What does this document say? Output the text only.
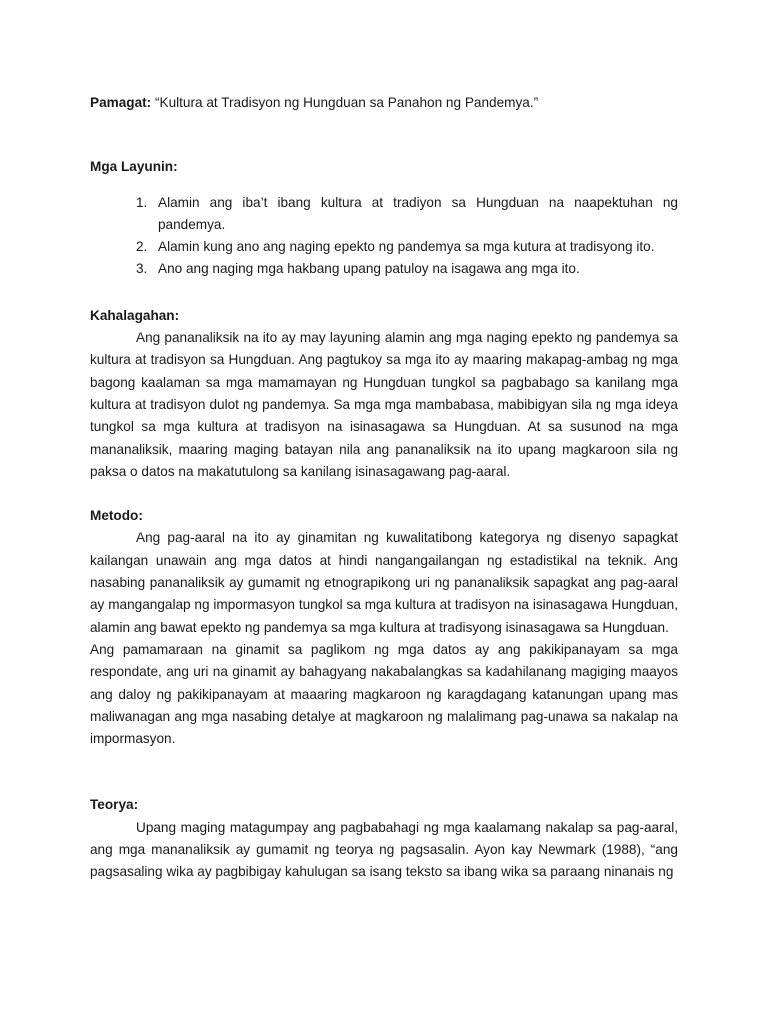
Pamagat: “Kultura at Tradisyon ng Hungduan sa Panahon ng Pandemya.”

Mga Layunin:

1. Alamin ang iba’t ibang kultura at tradiyon sa Hungduan na naapektuhan ng pandemya.
2. Alamin kung ano ang naging epekto ng pandemya sa mga kutura at tradisyong ito.
3. Ano ang naging mga hakbang upang patuloy na isagawa ang mga ito.

Kahalagahan:

Ang pananaliksik na ito ay may layuning alamin ang mga naging epekto ng pandemya sa kultura at tradisyon sa Hungduan. Ang pagtukoy sa mga ito ay maaring makapag-ambag ng mga bagong kaalaman sa mga mamamayan ng Hungduan tungkol sa pagbabago sa kanilang mga kultura at tradisyon dulot ng pandemya. Sa mga mga mambabasa, mabibigyan sila ng mga ideya tungkol sa mga kultura at tradisyon na isinasagawa sa Hungduan. At sa susunod na mga mananaliksik, maaring maging batayan nila ang pananaliksik na ito upang magkaroon sila ng paksa o datos na makatutulong sa kanilang isinasagawang pag-aaral.

Metodo:

Ang pag-aaral na ito ay ginamitan ng kuwalitatibong kategorya ng disenyo sapagkat kailangan unawain ang mga datos at hindi nangangailangan ng estadistikal na teknik. Ang nasabing pananaliksik ay gumamit ng etnograpikong uri ng pananaliksik sapagkat ang pag-aaral ay mangangalap ng impormasyon tungkol sa mga kultura at tradisyon na isinasagawa Hungduan, alamin ang bawat epekto ng pandemya sa mga kultura at tradisyong isinasagawa sa Hungduan.

Ang pamamaraan na ginamit sa paglikom ng mga datos ay ang pakikipanayam sa mga respondate, ang uri na ginamit ay bahagyang nakabalangkas sa kadahilanang magiging maayos ang daloy ng pakikipanayam at maaaring magkaroon ng karagdagang katanungan upang mas maliwanagan ang mga nasabing detalye at magkaroon ng malalimang pag-unawa sa nakalap na impormasyon.

Teorya:

Upang maging matagumpay ang pagbabahagi ng mga kaalamang nakalap sa pag-aaral, ang mga mananaliksik ay gumamit ng teorya ng pagsasalin. Ayon kay Newmark (1988), “ang pagsasaling wika ay pagbibigay kahulugan sa isang teksto sa ibang wika sa paraang ninanais ng
